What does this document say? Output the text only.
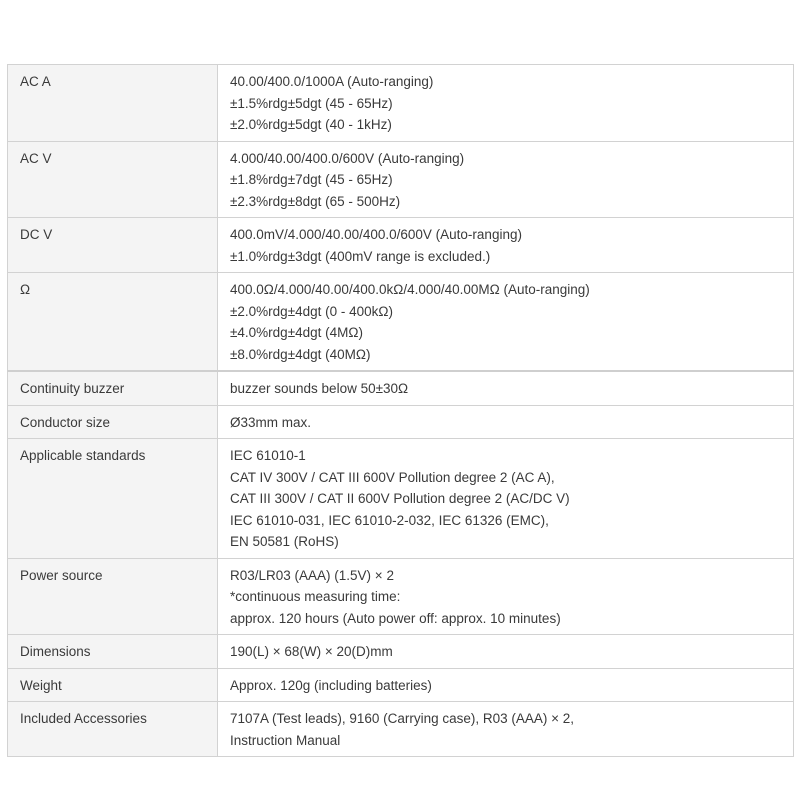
AC A	40.00/400.0/1000A (Auto-ranging)
±1.5%rdg±5dgt (45 - 65Hz)
±2.0%rdg±5dgt (40 - 1kHz)

AC V	4.000/40.00/400.0/600V (Auto-ranging)
±1.8%rdg±7dgt (45 - 65Hz)
±2.3%rdg±8dgt (65 - 500Hz)

DC V	400.0mV/4.000/40.00/400.0/600V (Auto-ranging)
±1.0%rdg±3dgt (400mV range is excluded.)

Ω	400.0Ω/4.000/40.00/400.0kΩ/4.000/40.00MΩ (Auto-ranging)
±2.0%rdg±4dgt (0 - 400kΩ)
±4.0%rdg±4dgt (4MΩ)
±8.0%rdg±4dgt (40MΩ)

Continuity buzzer	buzzer sounds below 50±30Ω

Conductor size	Ø33mm max.

Applicable standards	IEC 61010-1
CAT IV 300V / CAT III 600V Pollution degree 2 (AC A),
CAT III 300V / CAT II 600V Pollution degree 2 (AC/DC V)
IEC 61010-031, IEC 61010-2-032, IEC 61326 (EMC),
EN 50581 (RoHS)

Power source	R03/LR03 (AAA) (1.5V) × 2
*continuous measuring time:
approx. 120 hours (Auto power off: approx. 10 minutes)

Dimensions	190(L) × 68(W) × 20(D)mm

Weight	Approx. 120g (including batteries)

Included Accessories	7107A (Test leads), 9160 (Carrying case), R03 (AAA) × 2,
Instruction Manual
